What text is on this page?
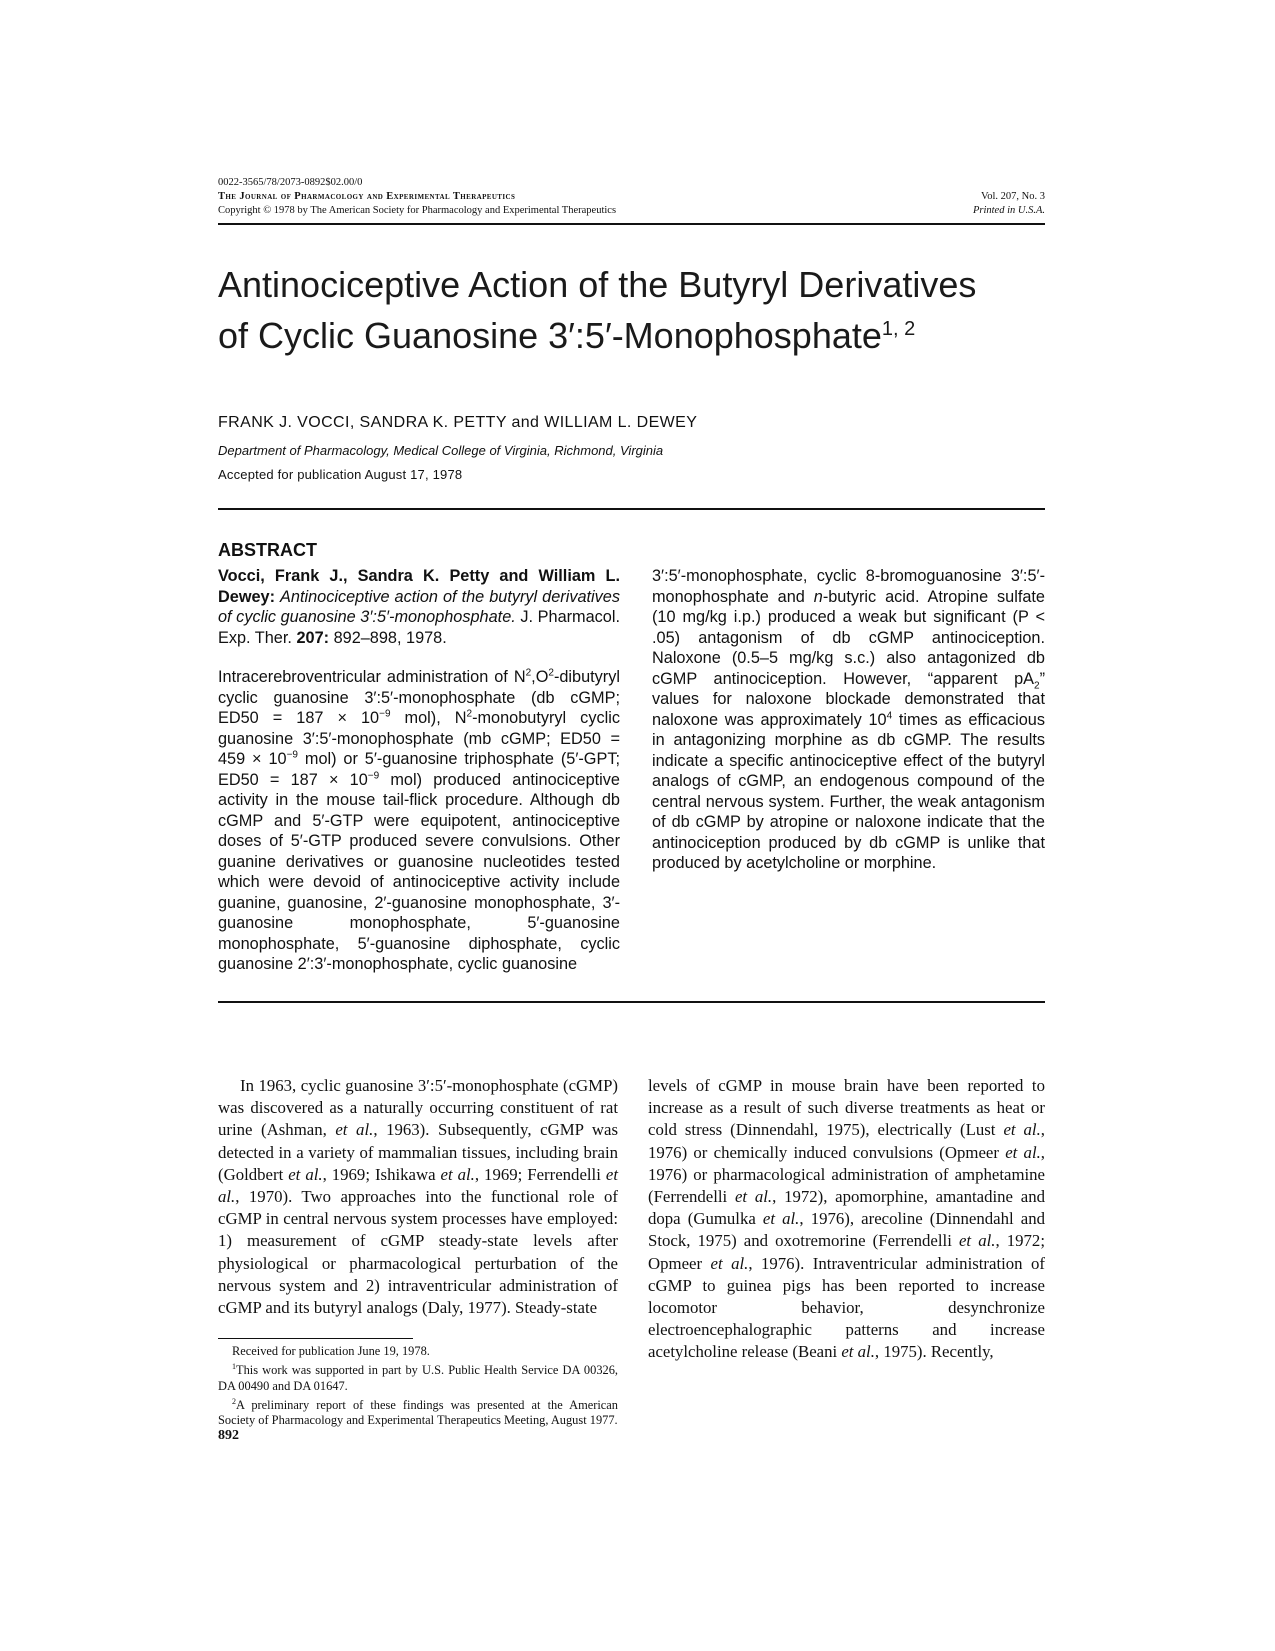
0022-3565/78/2073-0892$02.00/0
The Journal of Pharmacology and Experimental Therapeutics
Copyright © 1978 by The American Society for Pharmacology and Experimental Therapeutics
Vol. 207, No. 3
Printed in U.S.A.
Antinociceptive Action of the Butyryl Derivatives
of Cyclic Guanosine 3′:5′-Monophosphate$^{1, 2}$
FRANK J. VOCCI, SANDRA K. PETTY and WILLIAM L. DEWEY
Department of Pharmacology, Medical College of Virginia, Richmond, Virginia
Accepted for publication August 17, 1978
ABSTRACT

Vocci, Frank J., Sandra K. Petty and William L. Dewey: Antinociceptive action of the butyryl derivatives of cyclic guanosine 3′:5′-monophosphate. J. Pharmacol. Exp. Ther. 207: 892–898, 1978.

Intracerebroventricular administration of $N^2,O^2$-dibutyryl cyclic guanosine 3′:5′-monophosphate (db cGMP; $ED50 = 187 \times 10^{-9}$ mol), $N^2$-monobutyryl cyclic guanosine 3′:5′-monophosphate (mb cGMP; $ED50 = 459 \times 10^{-9}$ mol) or 5′-guanosine triphosphate (5′-GPT; $ED50 = 187 \times 10^{-9}$ mol) produced antinociceptive activity in the mouse tail-flick procedure. Although db cGMP and 5′-GTP were equipotent, antinociceptive doses of 5′-GTP produced severe convulsions. Other guanine derivatives or guanosine nucleotides tested which were devoid of antinociceptive activity include guanine, guanosine, 2′-guanosine monophosphate, 3′-guanosine monophosphate, 5′-guanosine monophosphate, 5′-guanosine diphosphate, cyclic guanosine 2′:3′-monophosphate, cyclic guanosine

3′:5′-monophosphate, cyclic 8-bromoguanosine 3′:5′-monophosphate and n-butyric acid. Atropine sulfate (10 mg/kg i.p.) produced a weak but significant (P < .05) antagonism of db cGMP antinociception. Naloxone (0.5–5 mg/kg s.c.) also antagonized db cGMP antinociception. However, “apparent $pA_2$” values for naloxone blockade demonstrated that naloxone was approximately $10^4$ times as efficacious in antagonizing morphine as db cGMP. The results indicate a specific antinociceptive effect of the butyryl analogs of cGMP, an endogenous compound of the central nervous system. Further, the weak antagonism of db cGMP by atropine or naloxone indicate that the antinociception produced by db cGMP is unlike that produced by acetylcholine or morphine.

In 1963, cyclic guanosine 3′:5′-monophosphate (cGMP) was discovered as a naturally occurring constituent of rat urine (Ashman, et al., 1963). Subsequently, cGMP was detected in a variety of mammalian tissues, including brain (Goldbert et al., 1969; Ishikawa et al., 1969; Ferrendelli et al., 1970). Two approaches into the functional role of cGMP in central nervous system processes have employed: 1) measurement of cGMP steady-state levels after physiological or pharmacological perturbation of the nervous system and 2) intraventricular administration of cGMP and its butyryl analogs (Daly, 1977). Steady-state

levels of cGMP in mouse brain have been reported to increase as a result of such diverse treatments as heat or cold stress (Dinnendahl, 1975), electrically (Lust et al., 1976) or chemically induced convulsions (Opmeer et al., 1976) or pharmacological administration of amphetamine (Ferrendelli et al., 1972), apomorphine, amantadine and dopa (Gumulka et al., 1976), arecoline (Dinnendahl and Stock, 1975) and oxotremorine (Ferrendelli et al., 1972; Opmeer et al., 1976). Intraventricular administration of cGMP to guinea pigs has been reported to increase locomotor behavior, desynchronize electroencephalographic patterns and increase acetylcholine release (Beani et al., 1975). Recently,

Received for publication June 19, 1978.

$^1$This work was supported in part by U.S. Public Health Service DA 00326, DA 00490 and DA 01647.

$^2$A preliminary report of these findings was presented at the American Society of Pharmacology and Experimental Therapeutics Meeting, August 1977.

892
